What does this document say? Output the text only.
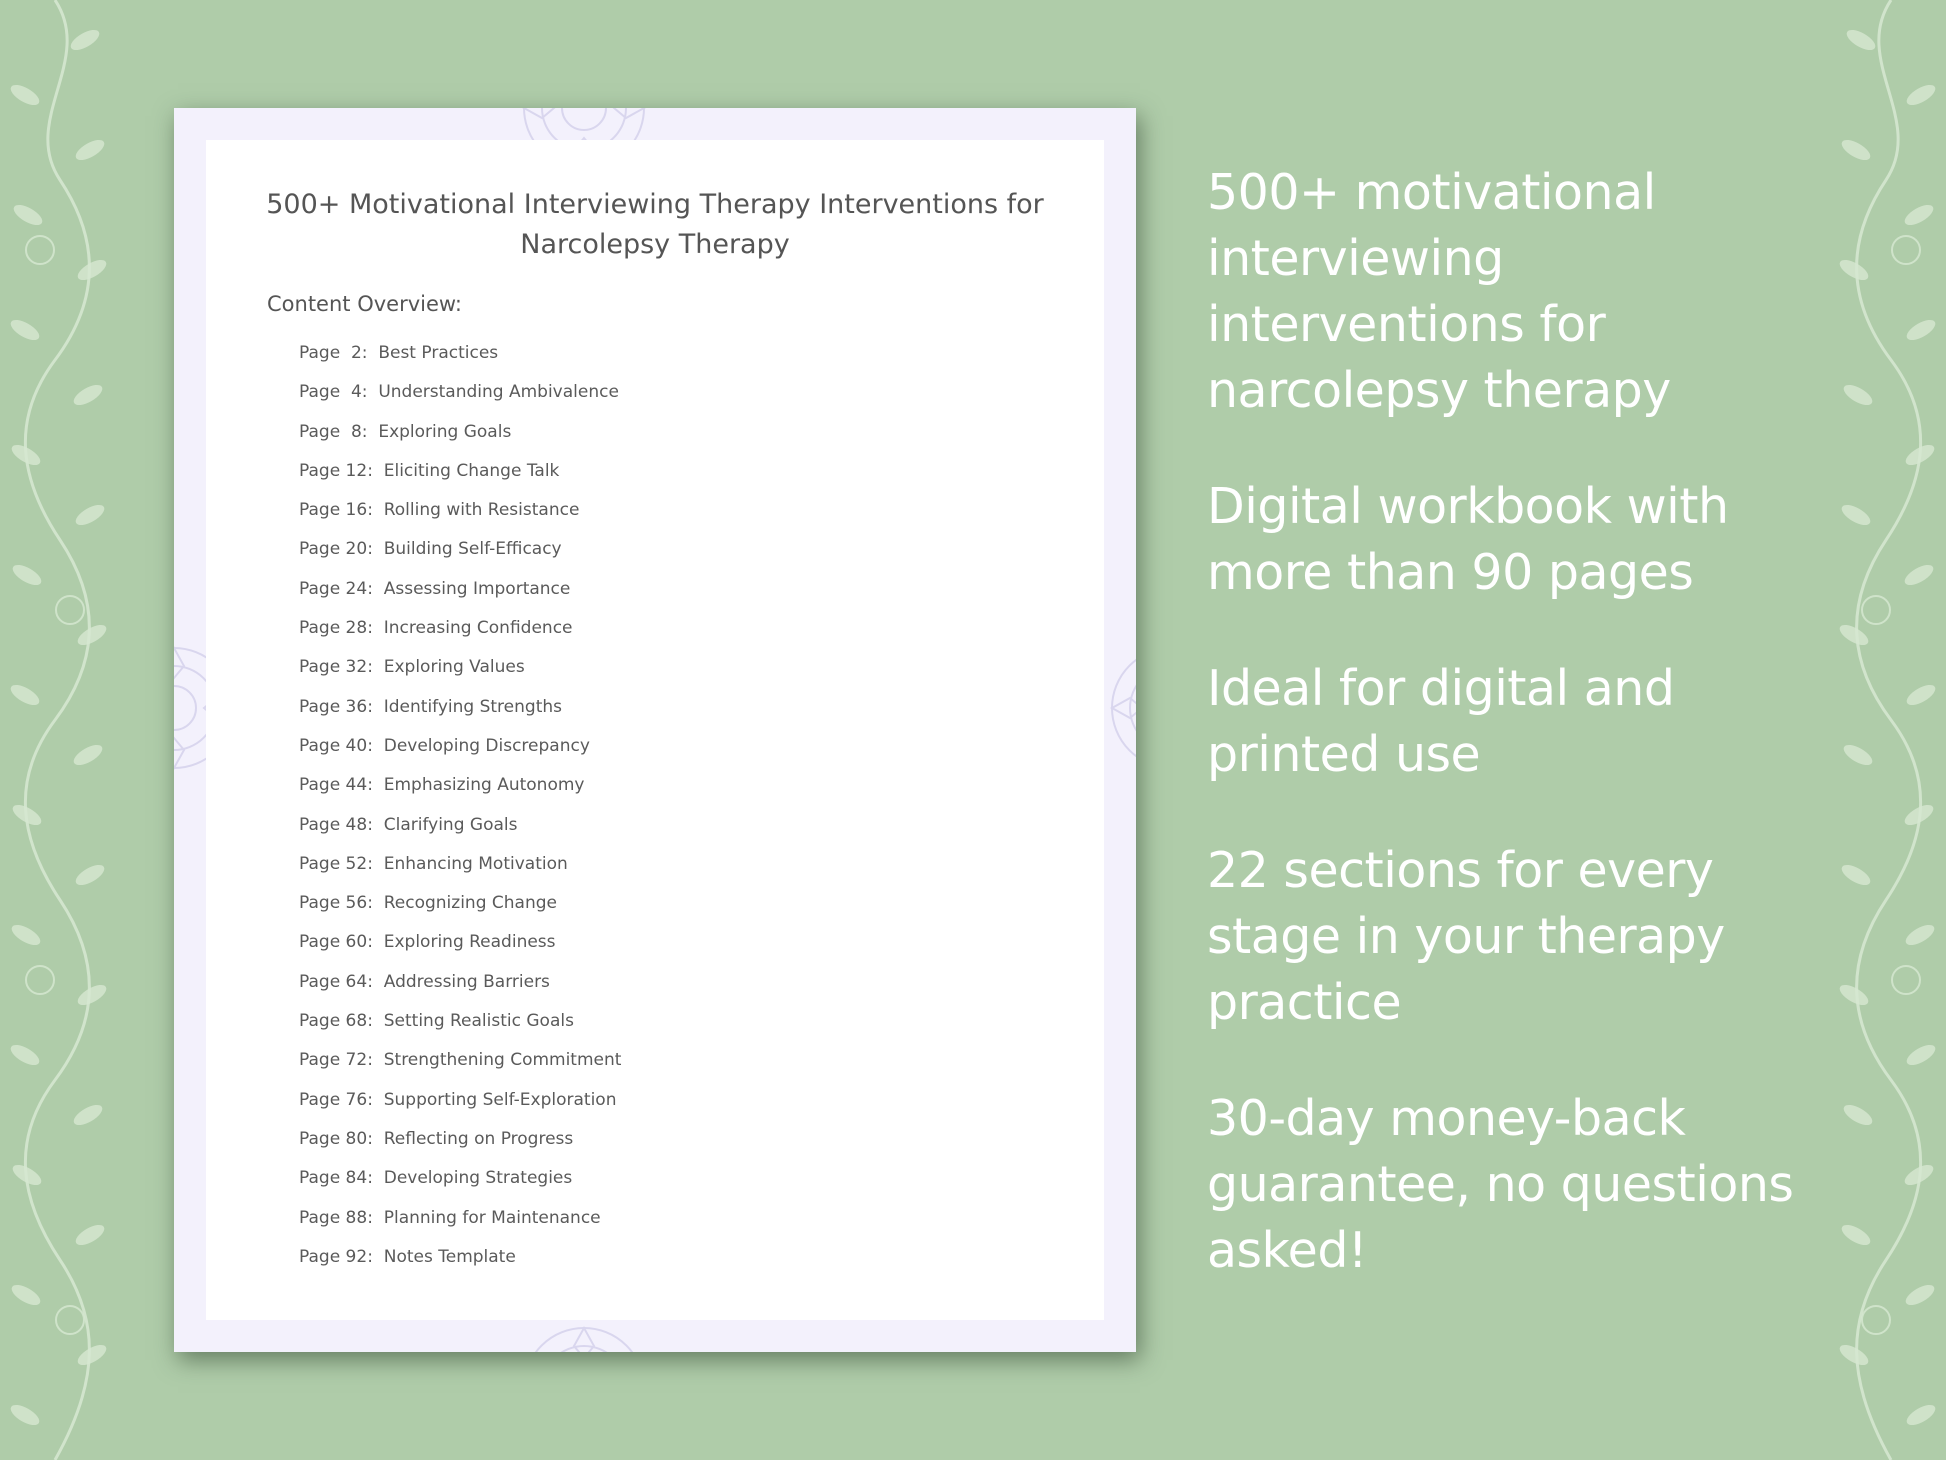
500+ Motivational Interviewing Therapy Interventions for Narcolepsy Therapy
Content Overview:
Page  2: Best Practices
Page  4: Understanding Ambivalence
Page  8: Exploring Goals
Page 12: Eliciting Change Talk
Page 16: Rolling with Resistance
Page 20: Building Self-Efficacy
Page 24: Assessing Importance
Page 28: Increasing Confidence
Page 32: Exploring Values
Page 36: Identifying Strengths
Page 40: Developing Discrepancy
Page 44: Emphasizing Autonomy
Page 48: Clarifying Goals
Page 52: Enhancing Motivation
Page 56: Recognizing Change
Page 60: Exploring Readiness
Page 64: Addressing Barriers
Page 68: Setting Realistic Goals
Page 72: Strengthening Commitment
Page 76: Supporting Self-Exploration
Page 80: Reflecting on Progress
Page 84: Developing Strategies
Page 88: Planning for Maintenance
Page 92: Notes Template

500+ motivational interviewing interventions for narcolepsy therapy

Digital workbook with more than 90 pages

Ideal for digital and printed use

22 sections for every stage in your therapy practice

30-day money-back guarantee, no questions asked!
